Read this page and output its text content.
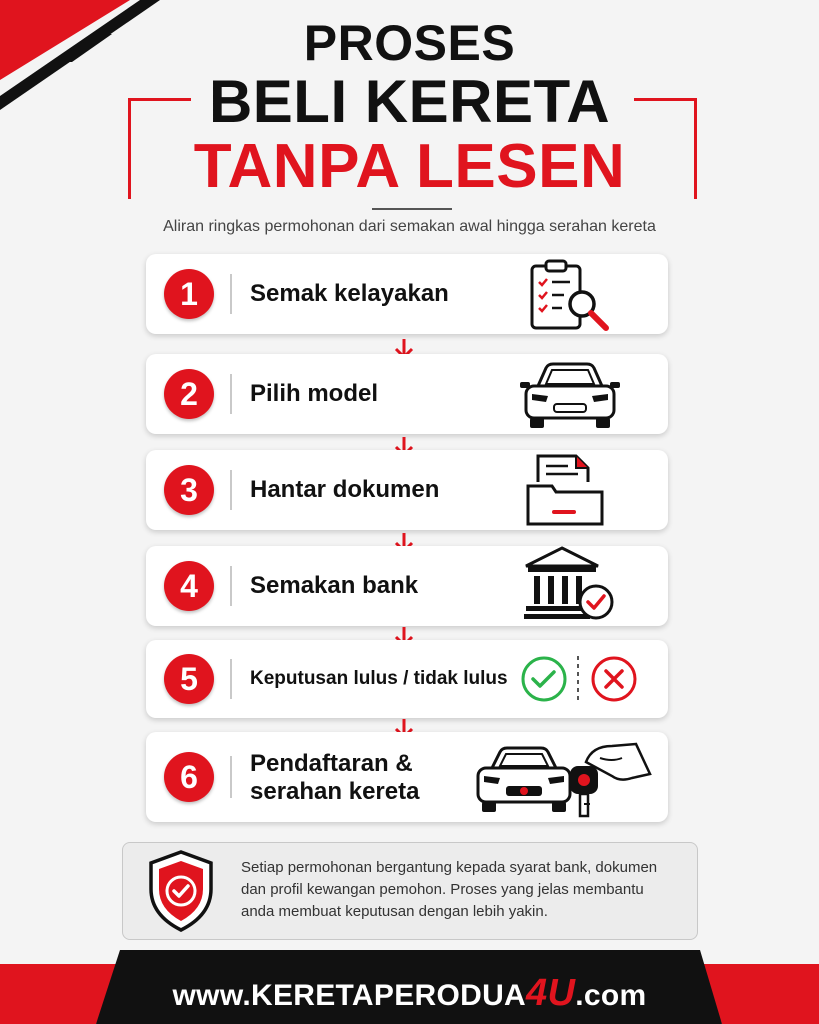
PROSES
BELI KERETA
TANPA LESEN
Aliran ringkas permohonan dari semakan awal hingga serahan kereta
1	Semak kelayakan
2	Pilih model
3	Hantar dokumen
4	Semakan bank
5	Keputusan lulus / tidak lulus
6	Pendaftaran &
serahan kereta
Setiap permohonan bergantung kepada syarat bank, dokumen dan profil kewangan pemohon. Proses yang jelas membantu anda membuat keputusan dengan lebih yakin.
www.KERETAPERODUA4U.com
